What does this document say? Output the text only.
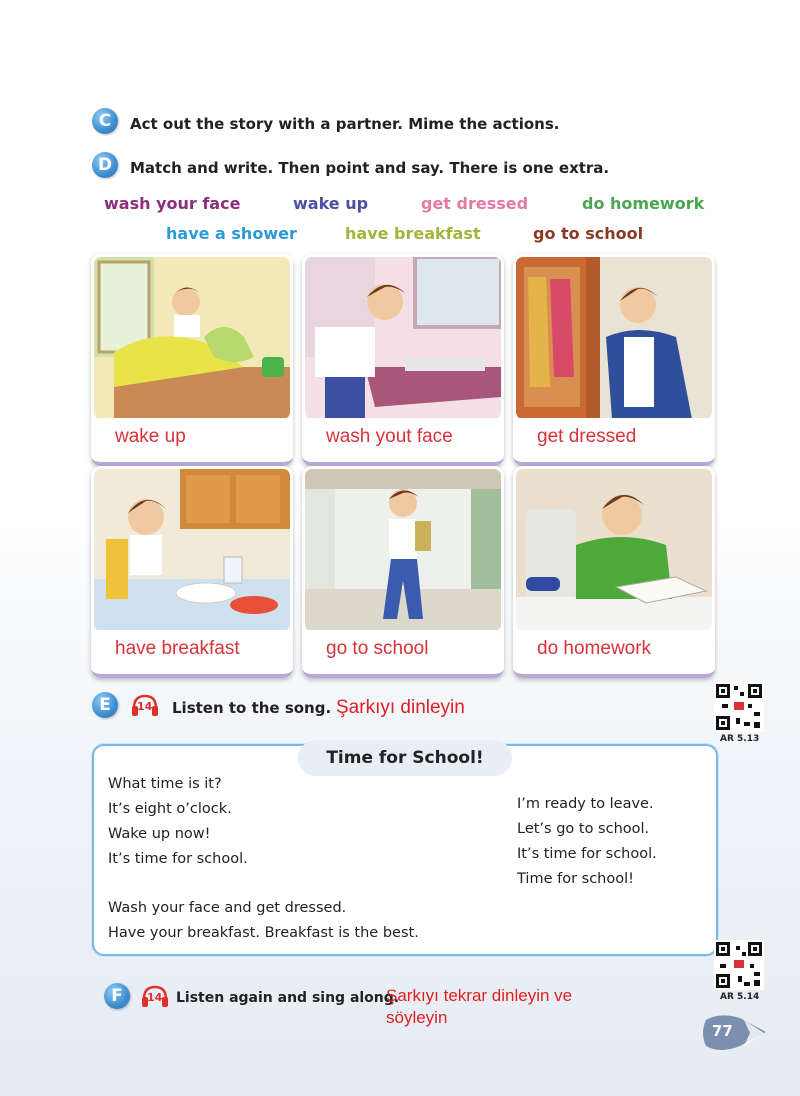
C	Act out the story with a partner. Mime the actions.
D	Match and write. Then point and say. There is one extra.
wash your face	wake up	get dressed	do homework
have a shower	have breakfast	go to school
wake up	wash yout face	get dressed
have breakfast	go to school	do homework
E	14 Listen to the song. Şarkıyı dinleyin
AR 5.13
Time for School!
What time is it?
It’s eight o’clock.
Wake up now!
It’s time for school.
I’m ready to leave.
Let’s go to school.
It’s time for school.
Time for school!
Wash your face and get dressed.
Have your breakfast. Breakfast is the best.
F	14 Listen again and sing along.
Şarkıyı tekrar dinleyin ve
söyleyin
AR 5.14
77
